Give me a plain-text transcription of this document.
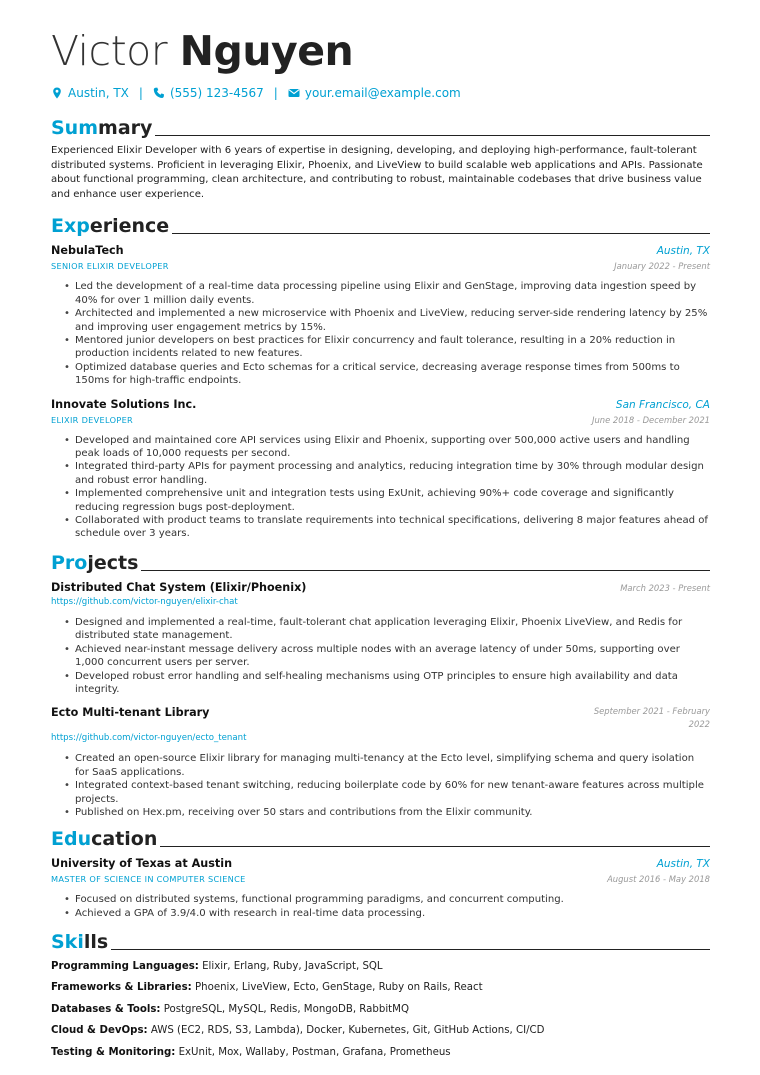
Victor Nguyen
Austin, TX | (555) 123-4567 | your.email@example.com
Summary
Experienced Elixir Developer with 6 years of expertise in designing, developing, and deploying high-performance, fault-tolerant distributed systems. Proficient in leveraging Elixir, Phoenix, and LiveView to build scalable web applications and APIs. Passionate about functional programming, clean architecture, and contributing to robust, maintainable codebases that drive business value and enhance user experience.
Experience
NebulaTech	Austin, TX
SENIOR ELIXIR DEVELOPER	January 2022 - Present
• Led the development of a real-time data processing pipeline using Elixir and GenStage, improving data ingestion speed by 40% for over 1 million daily events.
• Architected and implemented a new microservice with Phoenix and LiveView, reducing server-side rendering latency by 25% and improving user engagement metrics by 15%.
• Mentored junior developers on best practices for Elixir concurrency and fault tolerance, resulting in a 20% reduction in production incidents related to new features.
• Optimized database queries and Ecto schemas for a critical service, decreasing average response times from 500ms to 150ms for high-traffic endpoints.
Innovate Solutions Inc.	San Francisco, CA
ELIXIR DEVELOPER	June 2018 - December 2021
• Developed and maintained core API services using Elixir and Phoenix, supporting over 500,000 active users and handling peak loads of 10,000 requests per second.
• Integrated third-party APIs for payment processing and analytics, reducing integration time by 30% through modular design and robust error handling.
• Implemented comprehensive unit and integration tests using ExUnit, achieving 90%+ code coverage and significantly reducing regression bugs post-deployment.
• Collaborated with product teams to translate requirements into technical specifications, delivering 8 major features ahead of schedule over 3 years.
Projects
Distributed Chat System (Elixir/Phoenix)	March 2023 - Present
https://github.com/victor-nguyen/elixir-chat
• Designed and implemented a real-time, fault-tolerant chat application leveraging Elixir, Phoenix LiveView, and Redis for distributed state management.
• Achieved near-instant message delivery across multiple nodes with an average latency of under 50ms, supporting over 1,000 concurrent users per server.
• Developed robust error handling and self-healing mechanisms using OTP principles to ensure high availability and data integrity.
Ecto Multi-tenant Library	September 2021 - February
2022
https://github.com/victor-nguyen/ecto_tenant
• Created an open-source Elixir library for managing multi-tenancy at the Ecto level, simplifying schema and query isolation for SaaS applications.
• Integrated context-based tenant switching, reducing boilerplate code by 60% for new tenant-aware features across multiple projects.
• Published on Hex.pm, receiving over 50 stars and contributions from the Elixir community.
Education
University of Texas at Austin	Austin, TX
MASTER OF SCIENCE IN COMPUTER SCIENCE	August 2016 - May 2018
• Focused on distributed systems, functional programming paradigms, and concurrent computing.
• Achieved a GPA of 3.9/4.0 with research in real-time data processing.
Skills
Programming Languages: Elixir, Erlang, Ruby, JavaScript, SQL
Frameworks & Libraries: Phoenix, LiveView, Ecto, GenStage, Ruby on Rails, React
Databases & Tools: PostgreSQL, MySQL, Redis, MongoDB, RabbitMQ
Cloud & DevOps: AWS (EC2, RDS, S3, Lambda), Docker, Kubernetes, Git, GitHub Actions, CI/CD
Testing & Monitoring: ExUnit, Mox, Wallaby, Postman, Grafana, Prometheus
